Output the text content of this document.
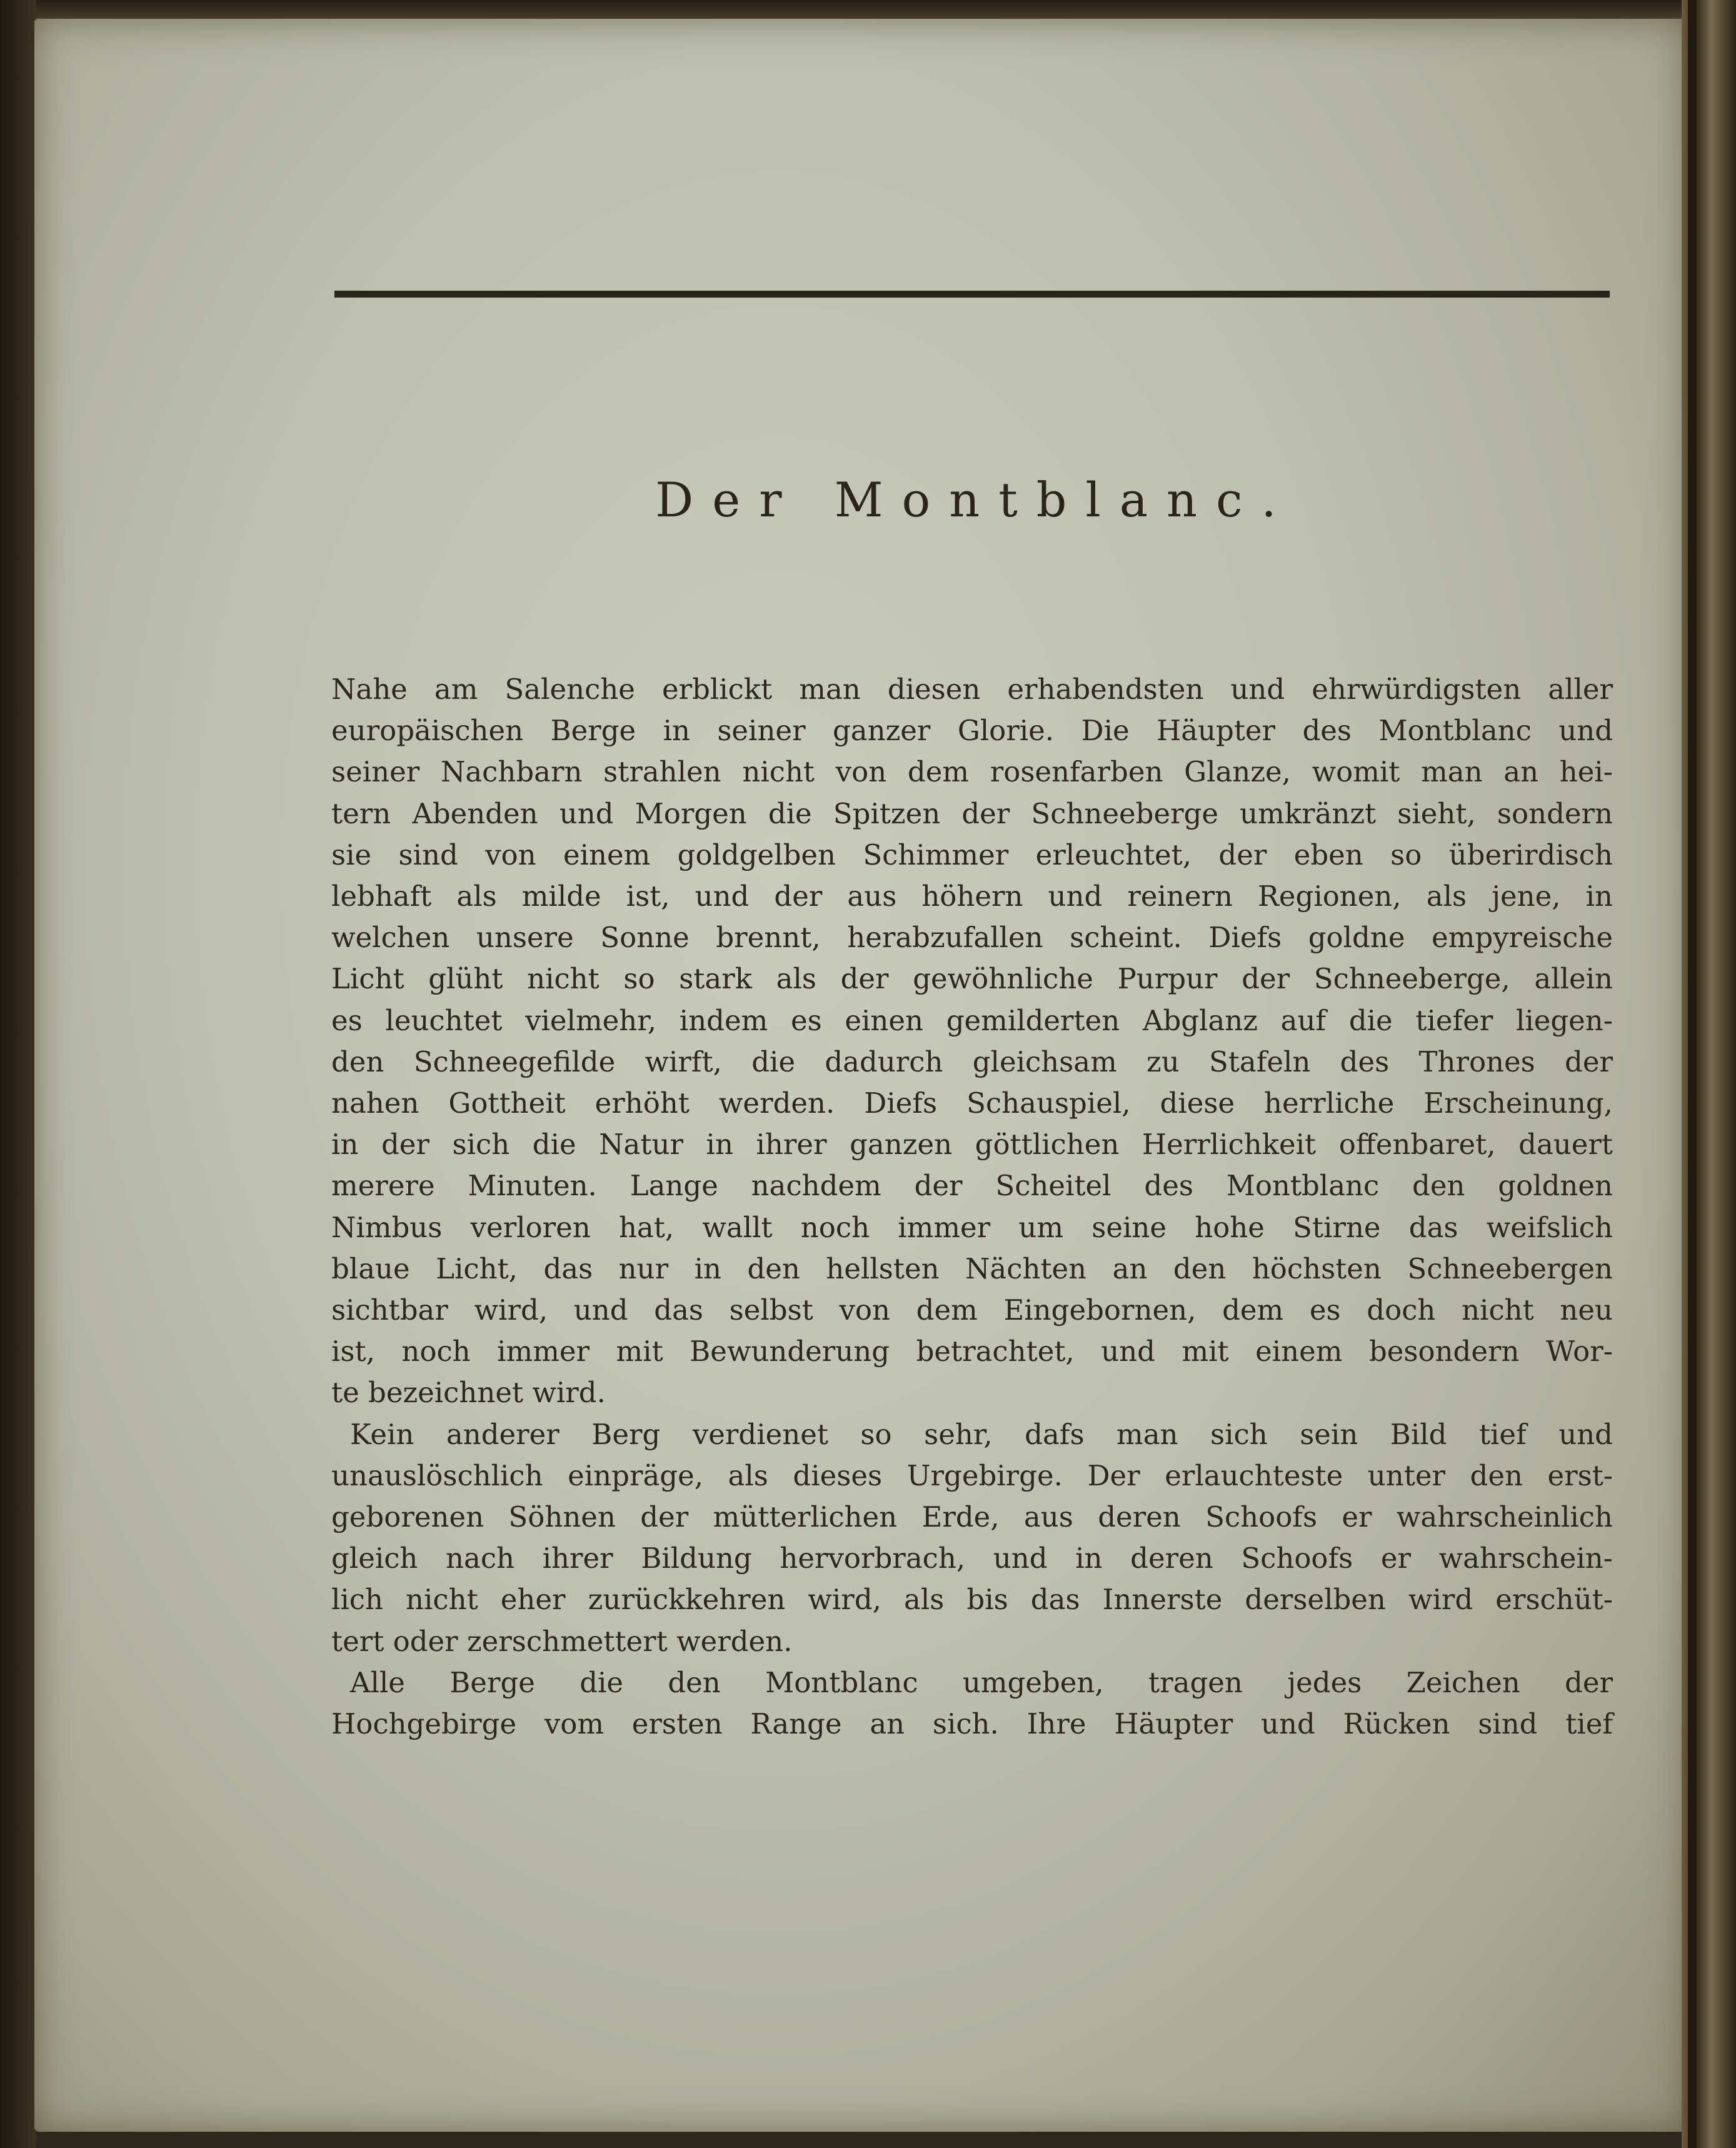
Der Montblanc.

Nahe am Salenche erblickt man diesen erhabendsten und ehrwürdigsten aller
europäischen Berge in seiner ganzer Glorie. Die Häupter des Montblanc und
seiner Nachbarn strahlen nicht von dem rosenfarben Glanze, womit man an hei-
tern Abenden und Morgen die Spitzen der Schneeberge umkränzt sieht, sondern
sie sind von einem goldgelben Schimmer erleuchtet, der eben so überirdisch
lebhaft als milde ist, und der aus höhern und reinern Regionen, als jene, in
welchen unsere Sonne brennt, herabzufallen scheint. Diefs goldne empyreische
Licht glüht nicht so stark als der gewöhnliche Purpur der Schneeberge, allein
es leuchtet vielmehr, indem es einen gemilderten Abglanz auf die tiefer liegen-
den Schneegefilde wirft, die dadurch gleichsam zu Stafeln des Thrones der
nahen Gottheit erhöht werden. Diefs Schauspiel, diese herrliche Erscheinung,
in der sich die Natur in ihrer ganzen göttlichen Herrlichkeit offenbaret, dauert
merere Minuten. Lange nachdem der Scheitel des Montblanc den goldnen
Nimbus verloren hat, wallt noch immer um seine hohe Stirne das weifslich
blaue Licht, das nur in den hellsten Nächten an den höchsten Schneebergen
sichtbar wird, und das selbst von dem Eingebornen, dem es doch nicht neu
ist, noch immer mit Bewunderung betrachtet, und mit einem besondern Wor-
te bezeichnet wird.

Kein anderer Berg verdienet so sehr, dafs man sich sein Bild tief und
unauslöschlich einpräge, als dieses Urgebirge. Der erlauchteste unter den erst-
geborenen Söhnen der mütterlichen Erde, aus deren Schoofs er wahrscheinlich
gleich nach ihrer Bildung hervorbrach, und in deren Schoofs er wahrschein-
lich nicht eher zurückkehren wird, als bis das Innerste derselben wird erschüt-
tert oder zerschmettert werden.

Alle Berge die den Montblanc umgeben, tragen jedes Zeichen der
Hochgebirge vom ersten Range an sich. Ihre Häupter und Rücken sind tief
